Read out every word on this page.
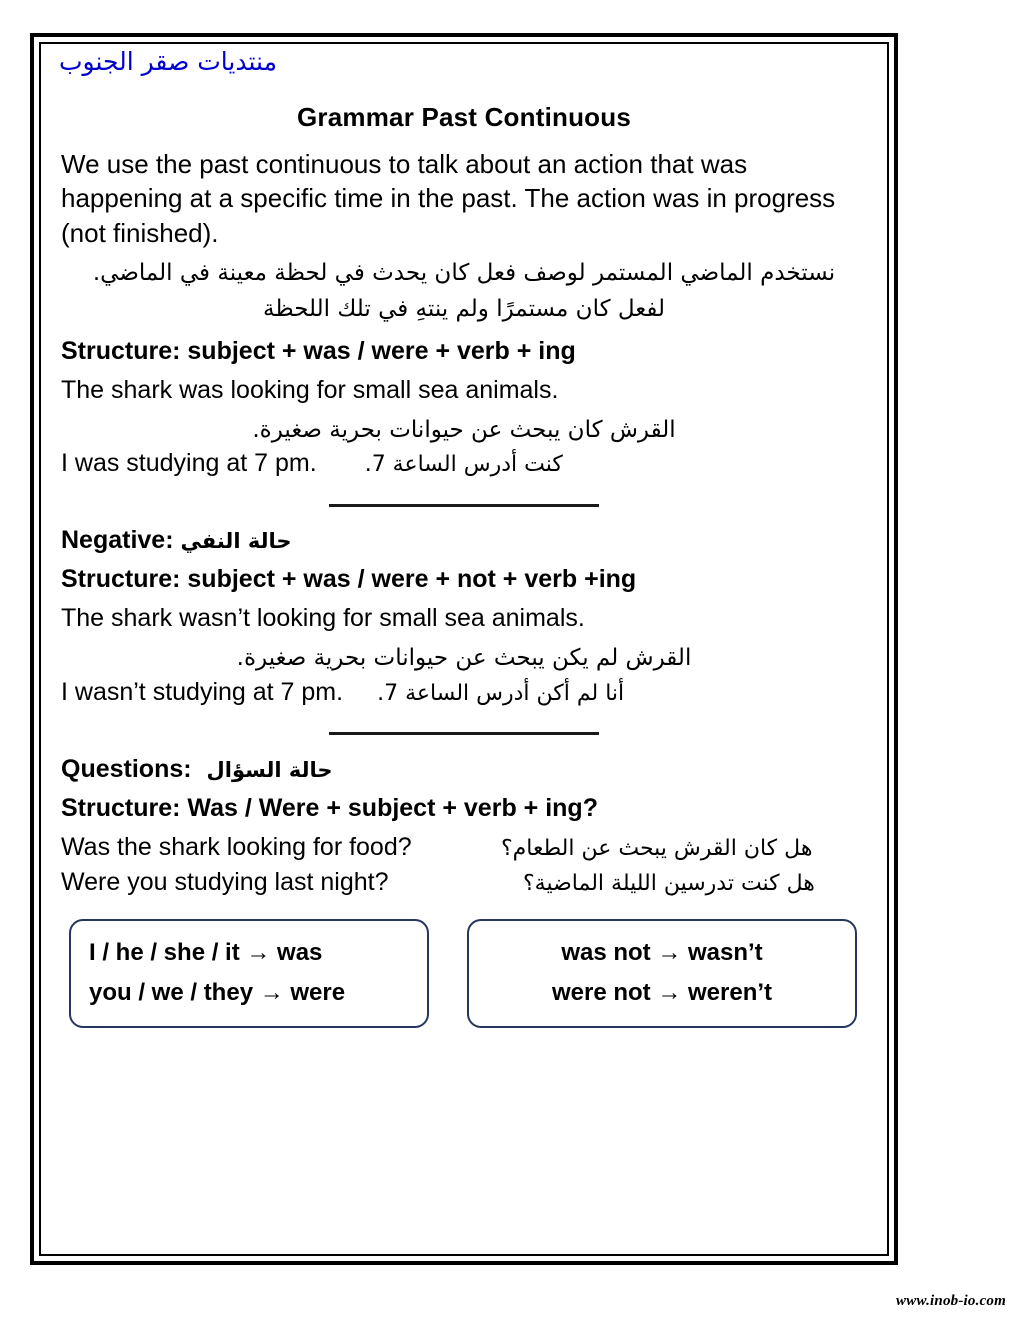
منتديات صقر الجنوب
Grammar Past Continuous

We use the past continuous to talk about an action that was happening at a specific time in the past. The action was in progress (not finished).

نستخدم الماضي المستمر لوصف فعل كان يحدث في لحظة معينة في الماضي.

لفعل كان مستمرًا ولم ينتهِ في تلك اللحظة

Structure: subject + was / were + verb + ing

The shark was looking for small sea animals.

القرش كان يبحث عن حيوانات بحرية صغيرة.

I was studying at 7 pm. كنت أدرس الساعة 7.

Negative: حالة النفي

Structure: subject + was / were + not + verb +ing

The shark wasn’t looking for small sea animals.

القرش لم يكن يبحث عن حيوانات بحرية صغيرة.

I wasn’t studying at 7 pm. أنا لم أكن أدرس الساعة 7.

Questions: حالة السؤال

Structure: Was / Were + subject + verb + ing?

Was the shark looking for food?	هل كان القرش يبحث عن الطعام؟
Were you studying last night?	هل كنت تدرسين الليلة الماضية؟
I / he / she / it → was
you / we / they → were
was not → wasn’t
were not → weren’t
www.inob-io.com
